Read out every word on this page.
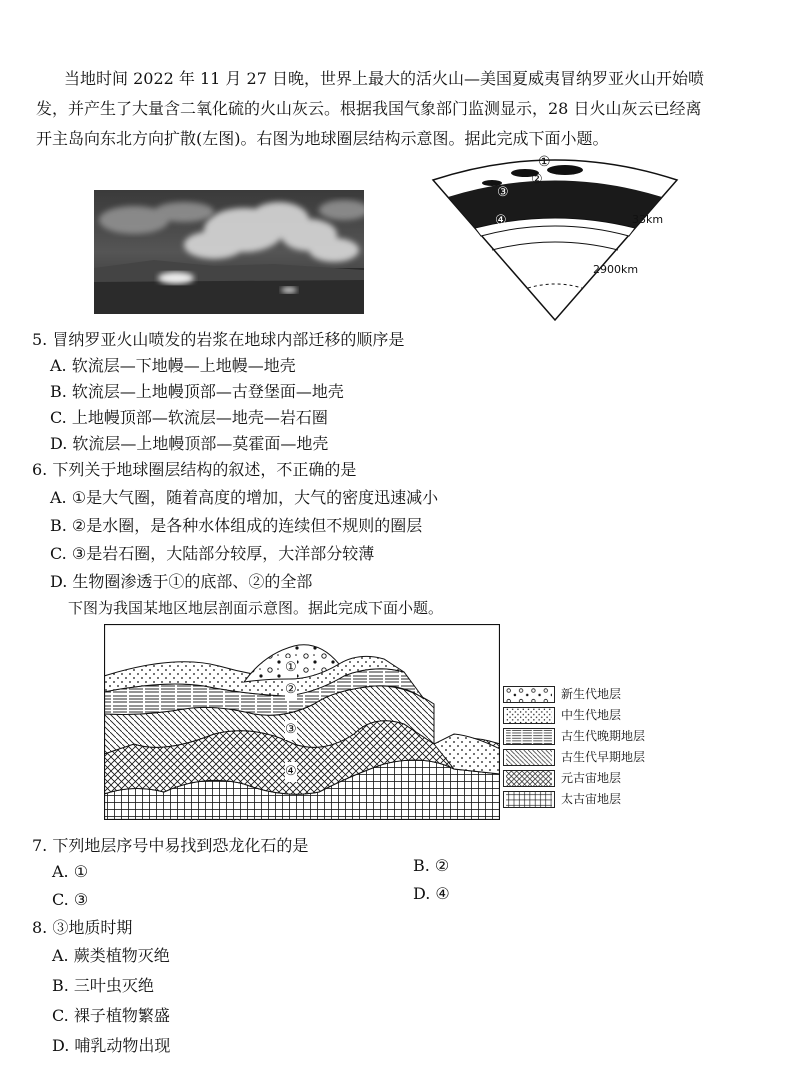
当地时间 2022 年 11 月 27 日晚，世界上最大的活火山—美国夏威夷冒纳罗亚火山开始喷
发，并产生了大量含二氧化硫的火山灰云。根据我国气象部门监测显示，28 日火山灰云已经离
开主岛向东北方向扩散(左图)。右图为地球圈层结构示意图。据此完成下面小题。
①
②
③
④	33km
2900km
5. 冒纳罗亚火山喷发的岩浆在地球内部迁移的顺序是
A. 软流层—下地幔—上地幔—地壳
B. 软流层—上地幔顶部—古登堡面—地壳
C. 上地幔顶部—软流层—地壳—岩石圈
D. 软流层—上地幔顶部—莫霍面—地壳
6. 下列关于地球圈层结构的叙述，不正确的是
A. ①是大气圈，随着高度的增加，大气的密度迅速减小
B. ②是水圈，是各种水体组成的连续但不规则的圈层
C. ③是岩石圈，大陆部分较厚，大洋部分较薄
D. 生物圈渗透于①的底部、②的全部
下图为我国某地区地层剖面示意图。据此完成下面小题。
①
②
③
④
新生代地层
中生代地层
古生代晚期地层
古生代早期地层
元古宙地层
太古宙地层
7. 下列地层序号中易找到恐龙化石的是
A. ①	B. ②
C. ③	D. ④
8. ③地质时期
A. 蕨类植物灭绝
B. 三叶虫灭绝
C. 裸子植物繁盛
D. 哺乳动物出现
